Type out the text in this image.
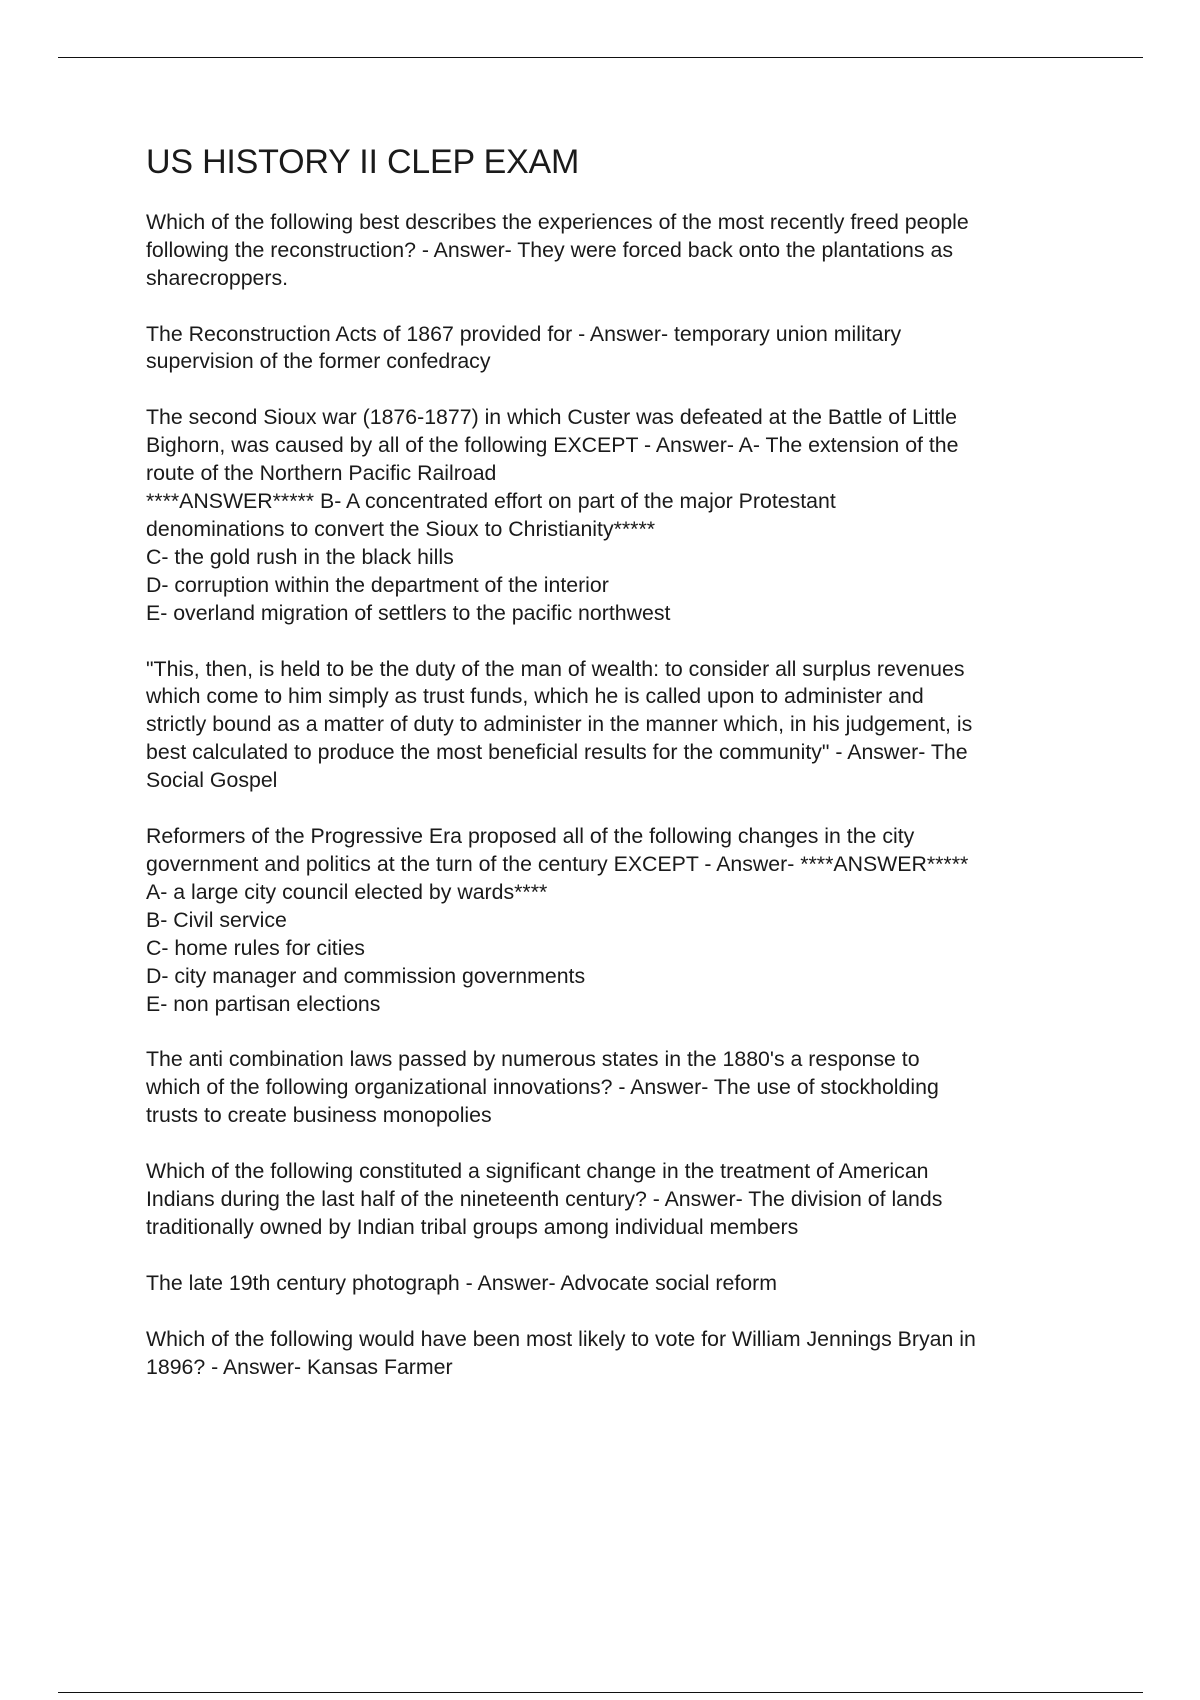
US HISTORY II CLEP EXAM

Which of the following best describes the experiences of the most recently freed people
following the reconstruction? - Answer- They were forced back onto the plantations as
sharecroppers.

The Reconstruction Acts of 1867 provided for - Answer- temporary union military
supervision of the former confedracy

The second Sioux war (1876-1877) in which Custer was defeated at the Battle of Little
Bighorn, was caused by all of the following EXCEPT - Answer- A- The extension of the
route of the Northern Pacific Railroad
****ANSWER***** B- A concentrated effort on part of the major Protestant
denominations to convert the Sioux to Christianity*****
C- the gold rush in the black hills
D- corruption within the department of the interior
E- overland migration of settlers to the pacific northwest

"This, then, is held to be the duty of the man of wealth: to consider all surplus revenues
which come to him simply as trust funds, which he is called upon to administer and
strictly bound as a matter of duty to administer in the manner which, in his judgement, is
best calculated to produce the most beneficial results for the community" - Answer- The
Social Gospel

Reformers of the Progressive Era proposed all of the following changes in the city
government and politics at the turn of the century EXCEPT - Answer- ****ANSWER*****
A- a large city council elected by wards****
B- Civil service
C- home rules for cities
D- city manager and commission governments
E- non partisan elections

The anti combination laws passed by numerous states in the 1880's a response to
which of the following organizational innovations? - Answer- The use of stockholding
trusts to create business monopolies

Which of the following constituted a significant change in the treatment of American
Indians during the last half of the nineteenth century? - Answer- The division of lands
traditionally owned by Indian tribal groups among individual members

The late 19th century photograph - Answer- Advocate social reform

Which of the following would have been most likely to vote for William Jennings Bryan in
1896? - Answer- Kansas Farmer
